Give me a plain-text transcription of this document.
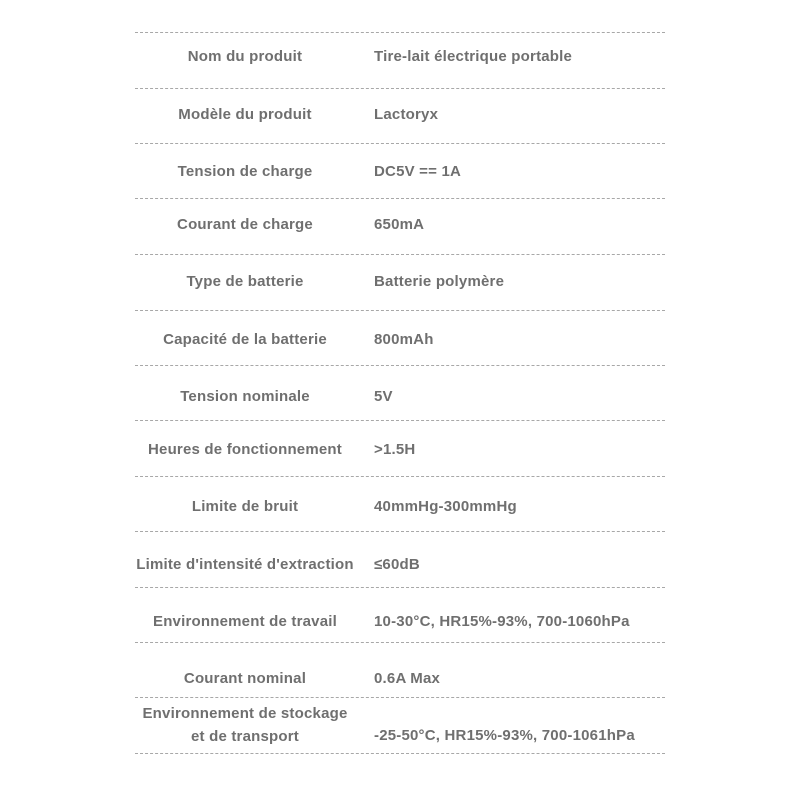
Nom du produit	Tire-lait électrique portable
Modèle du produit	Lactoryx
Tension de charge	DC5V == 1A
Courant de charge	650mA
Type de batterie	Batterie polymère
Capacité de la batterie	800mAh
Tension nominale	5V
Heures de fonctionnement	>1.5H
Limite de bruit	40mmHg-300mmHg
Limite d'intensité d'extraction	≤60dB
Environnement de travail	10-30°C, HR15%-93%, 700-1060hPa
Courant nominal	0.6A Max
Environnement de stockage
et de transport	-25-50°C, HR15%-93%, 700-1061hPa
